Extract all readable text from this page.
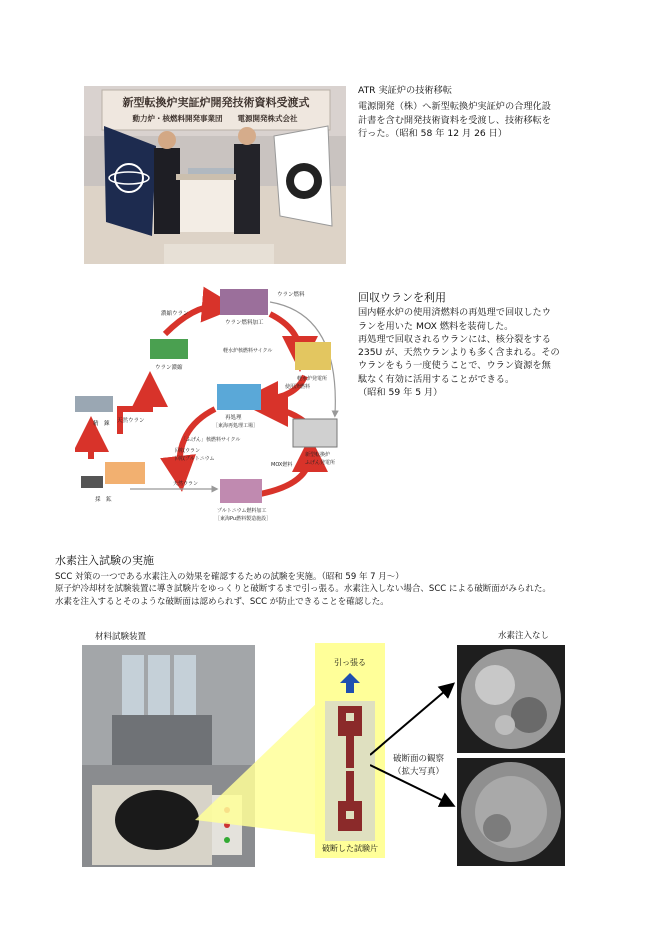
新型転換炉実証炉開発技術資料受渡式
動力炉・核燃料開発事業団　　電源開発株式会社
ATR 実証炉の技術移転
電源開発（株）へ新型転換炉実証炉の合理化設
計書を含む開発技術資料を受渡し、技術移転を
行った。（昭和 58 年 12 月 26 日）
濃縮ウラン
ウラン燃料
ウラン燃料加工
ウラン濃縮
軽水炉核燃料サイクル
軽水炉発電所
使用済燃料
再処理
［東海再処理工場］
「ふげん」核燃料サイクル
回収ウラン
回収プルトニウム
MOX燃料
新型転換炉
ふげん発電所
天然ウラン
精　錬
採　鉱
天然ウラン
プルトニウム燃料加工
［東海Pu燃料製造施設］
回収ウランを利用
国内軽水炉の使用済燃料の再処理で回収したウ
ランを用いた MOX 燃料を装荷した。
再処理で回収されるウランには、核分裂をする
235U が、天然ウランよりも多く含まれる。その
ウランをもう一度使うことで、ウラン資源を無
駄なく有効に活用することができる。
（昭和 59 年 5 月）
水素注入試験の実施
SCC 対策の一つである水素注入の効果を確認するための試験を実施。（昭和 59 年 7 月～）
原子炉冷却材を試験装置に導き試験片をゆっくりと破断するまで引っ張る。水素注入しない場合、SCC による破断面がみられた。
水素を注入するとそのような破断面は認められず、SCC が防止できることを確認した。
材料試験装置
引っ張る
破断した試験片
破断面の観察
（拡大写真）
水素注入なし
